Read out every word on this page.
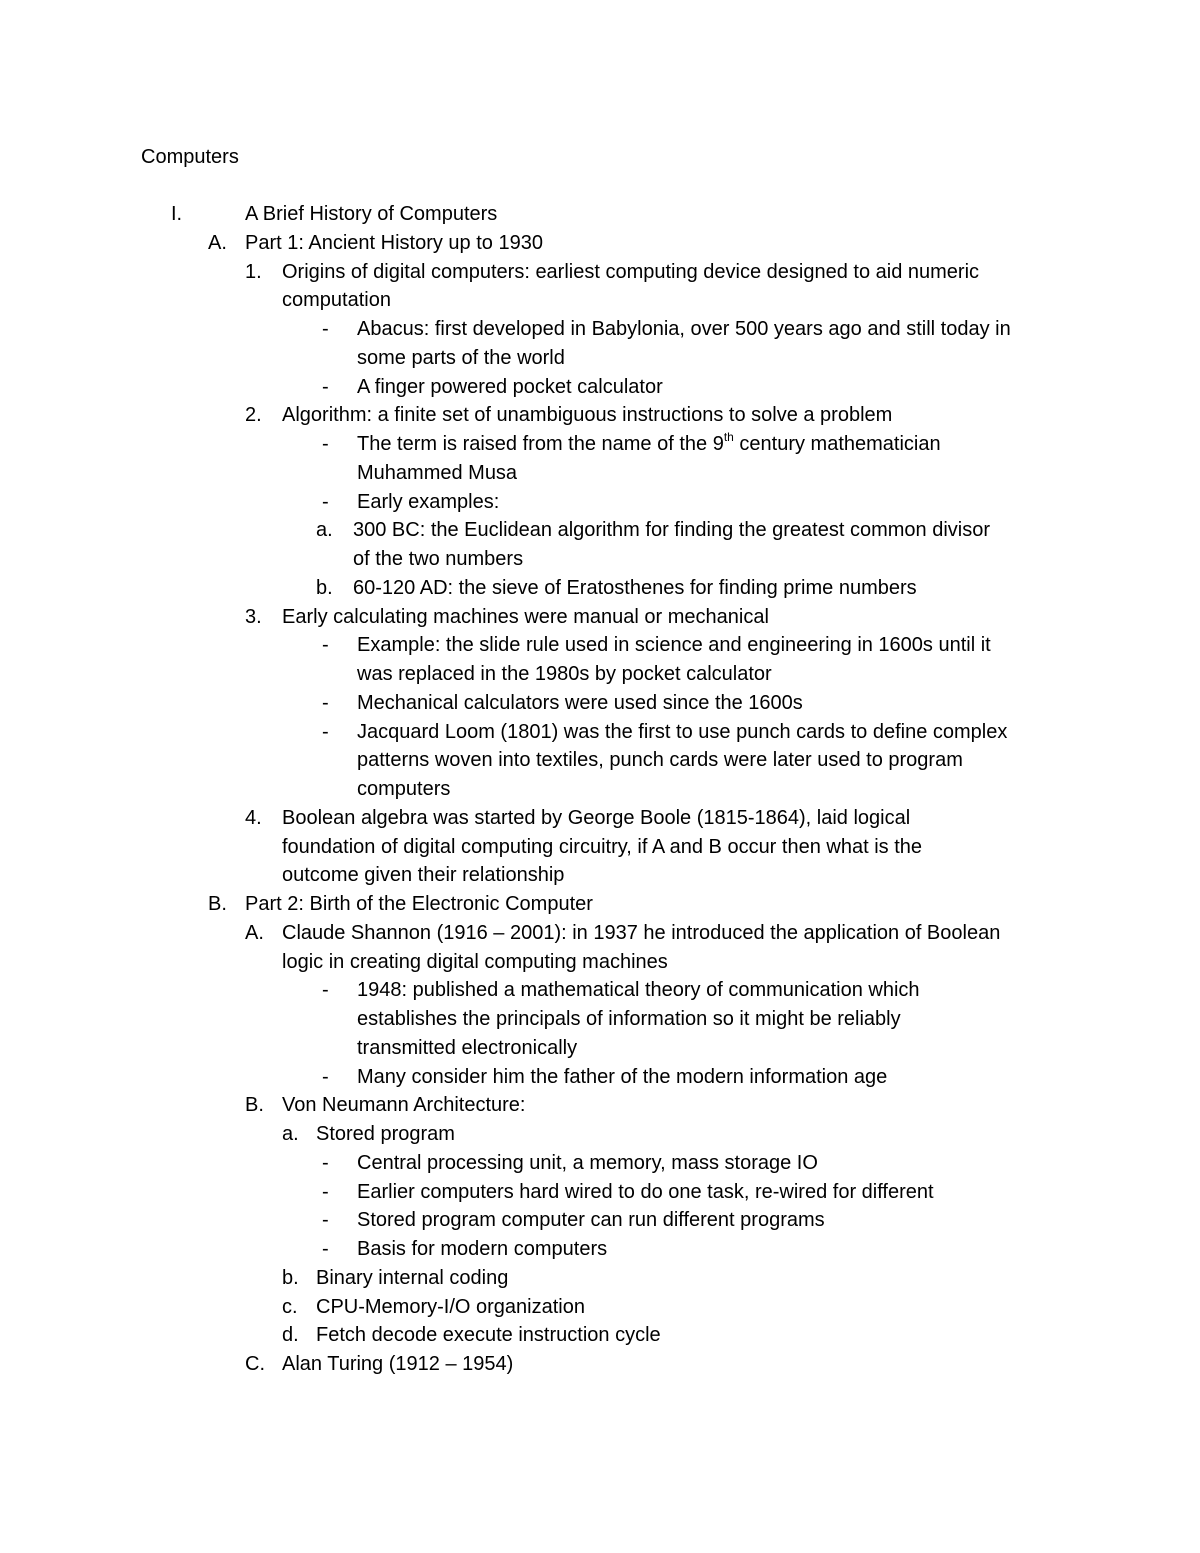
Computers
I.	A Brief History of Computers
A. Part 1: Ancient History up to 1930
1. Origins of digital computers: earliest computing device designed to aid numeric
computation
- Abacus: first developed in Babylonia, over 500 years ago and still today in
some parts of the world
- A finger powered pocket calculator
2. Algorithm: a finite set of unambiguous instructions to solve a problem
- The term is raised from the name of the 9th century mathematician
Muhammed Musa
- Early examples:
a. 300 BC: the Euclidean algorithm for finding the greatest common divisor
of the two numbers
b. 60-120 AD: the sieve of Eratosthenes for finding prime numbers
3. Early calculating machines were manual or mechanical
- Example: the slide rule used in science and engineering in 1600s until it
was replaced in the 1980s by pocket calculator
- Mechanical calculators were used since the 1600s
- Jacquard Loom (1801) was the first to use punch cards to define complex
patterns woven into textiles, punch cards were later used to program
computers
4. Boolean algebra was started by George Boole (1815-1864), laid logical
foundation of digital computing circuitry, if A and B occur then what is the
outcome given their relationship
B. Part 2: Birth of the Electronic Computer
A. Claude Shannon (1916 – 2001): in 1937 he introduced the application of Boolean
logic in creating digital computing machines
- 1948: published a mathematical theory of communication which
establishes the principals of information so it might be reliably
transmitted electronically
- Many consider him the father of the modern information age
B. Von Neumann Architecture:
a. Stored program
- Central processing unit, a memory, mass storage IO
- Earlier computers hard wired to do one task, re-wired for different
- Stored program computer can run different programs
- Basis for modern computers
b. Binary internal coding
c. CPU-Memory-I/O organization
d. Fetch decode execute instruction cycle
C. Alan Turing (1912 – 1954)
